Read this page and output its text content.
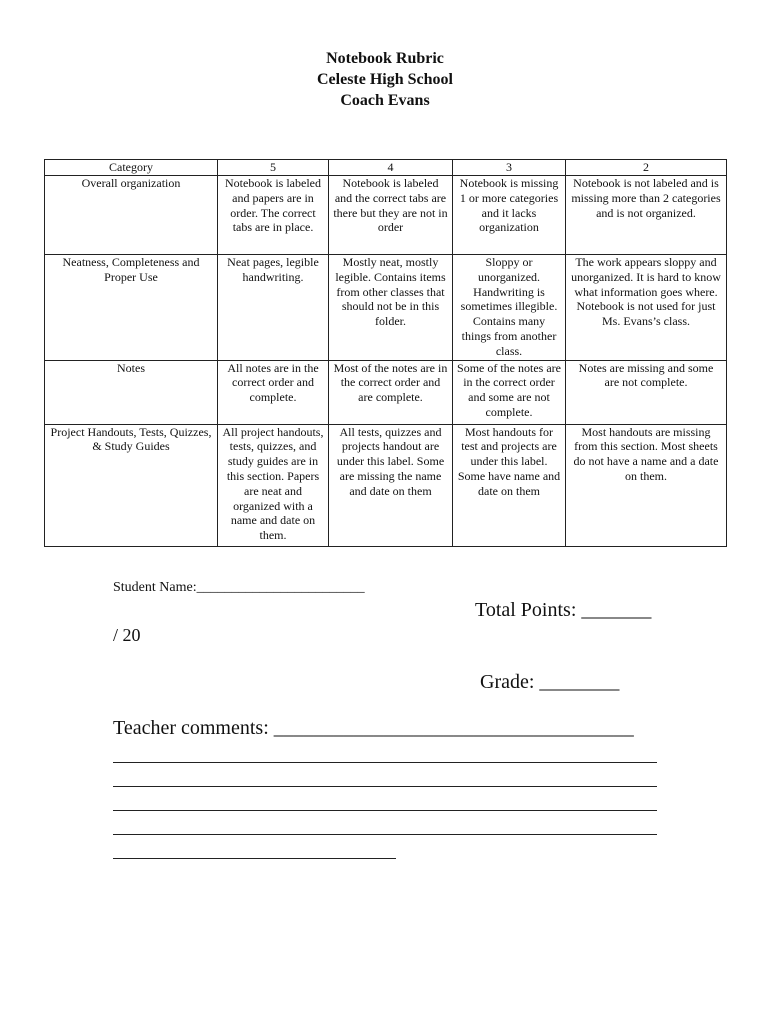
Notebook Rubric
Celeste High School
Coach Evans
Category	5	4	3	2
Overall organization	Notebook is labeled and papers are in order. The correct tabs are in place.	Notebook is labeled and the correct tabs are there but they are not in order	Notebook is missing 1 or more categories and it lacks organization	Notebook is not labeled and is missing more than 2 categories and is not organized.
Neatness, Completeness and Proper Use	Neat pages, legible handwriting.	Mostly neat, mostly legible. Contains items from other classes that should not be in this folder.	Sloppy or unorganized. Handwriting is sometimes illegible. Contains many things from another class.	The work appears sloppy and unorganized. It is hard to know what information goes where. Notebook is not used for just Ms. Evans’s class.
Notes	All notes are in the correct order and complete.	Most of the notes are in the correct order and are complete.	Some of the notes are in the correct order and some are not complete.	Notes are missing and some are not complete.
Project Handouts, Tests, Quizzes, & Study Guides	All project handouts, tests, quizzes, and study guides are in this section. Papers are neat and organized with a name and date on them.	All tests, quizzes and projects handout are under this label. Some are missing the name and date on them	Most handouts for test and projects are under this label. Some have name and date on them	Most handouts are missing from this section. Most sheets do not have a name and a date on them.
Student Name:________________________
Total Points: _______
/ 20
Grade: ________
Teacher comments: ____________________________________
